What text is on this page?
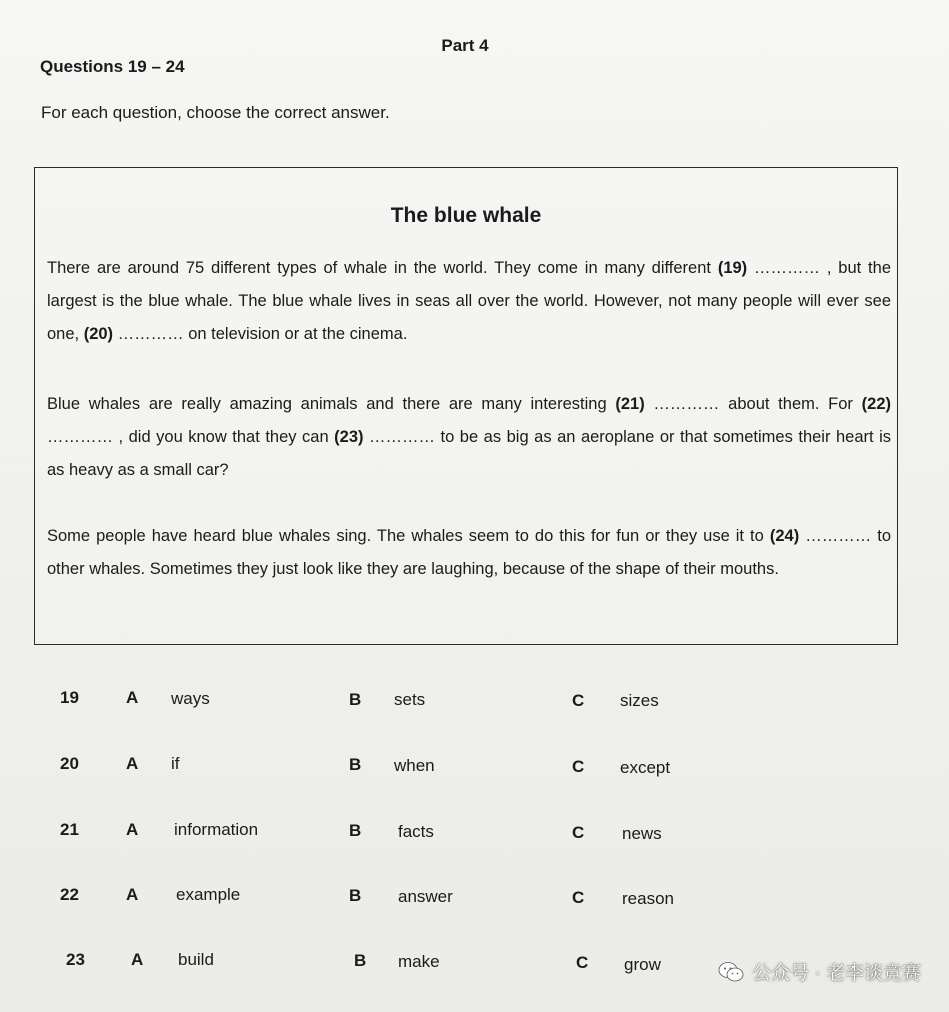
Part 4
Questions 19 – 24
For each question, choose the correct answer.
The blue whale
There are around 75 different types of whale in the world. They come in many different (19) ………… , but the largest is the blue whale. The blue whale lives in seas all over the world. However, not many people will ever see one, (20) ………… on television or at the cinema.
Blue whales are really amazing animals and there are many interesting (21) ………… about them. For (22) ………… , did you know that they can (23) ………… to be as big as an aeroplane or that sometimes their heart is as heavy as a small car?
Some people have heard blue whales sing. The whales seem to do this for fun or they use it to (24) ………… to other whales. Sometimes they just look like they are laughing, because of the shape of their mouths.
19	A ways	B sets	C sizes
20	A if	B when	C except
21	A information	B facts	C news
22	A example	B answer	C reason
23	A build	B make	C grow	公众号 · 老李谈竞赛
